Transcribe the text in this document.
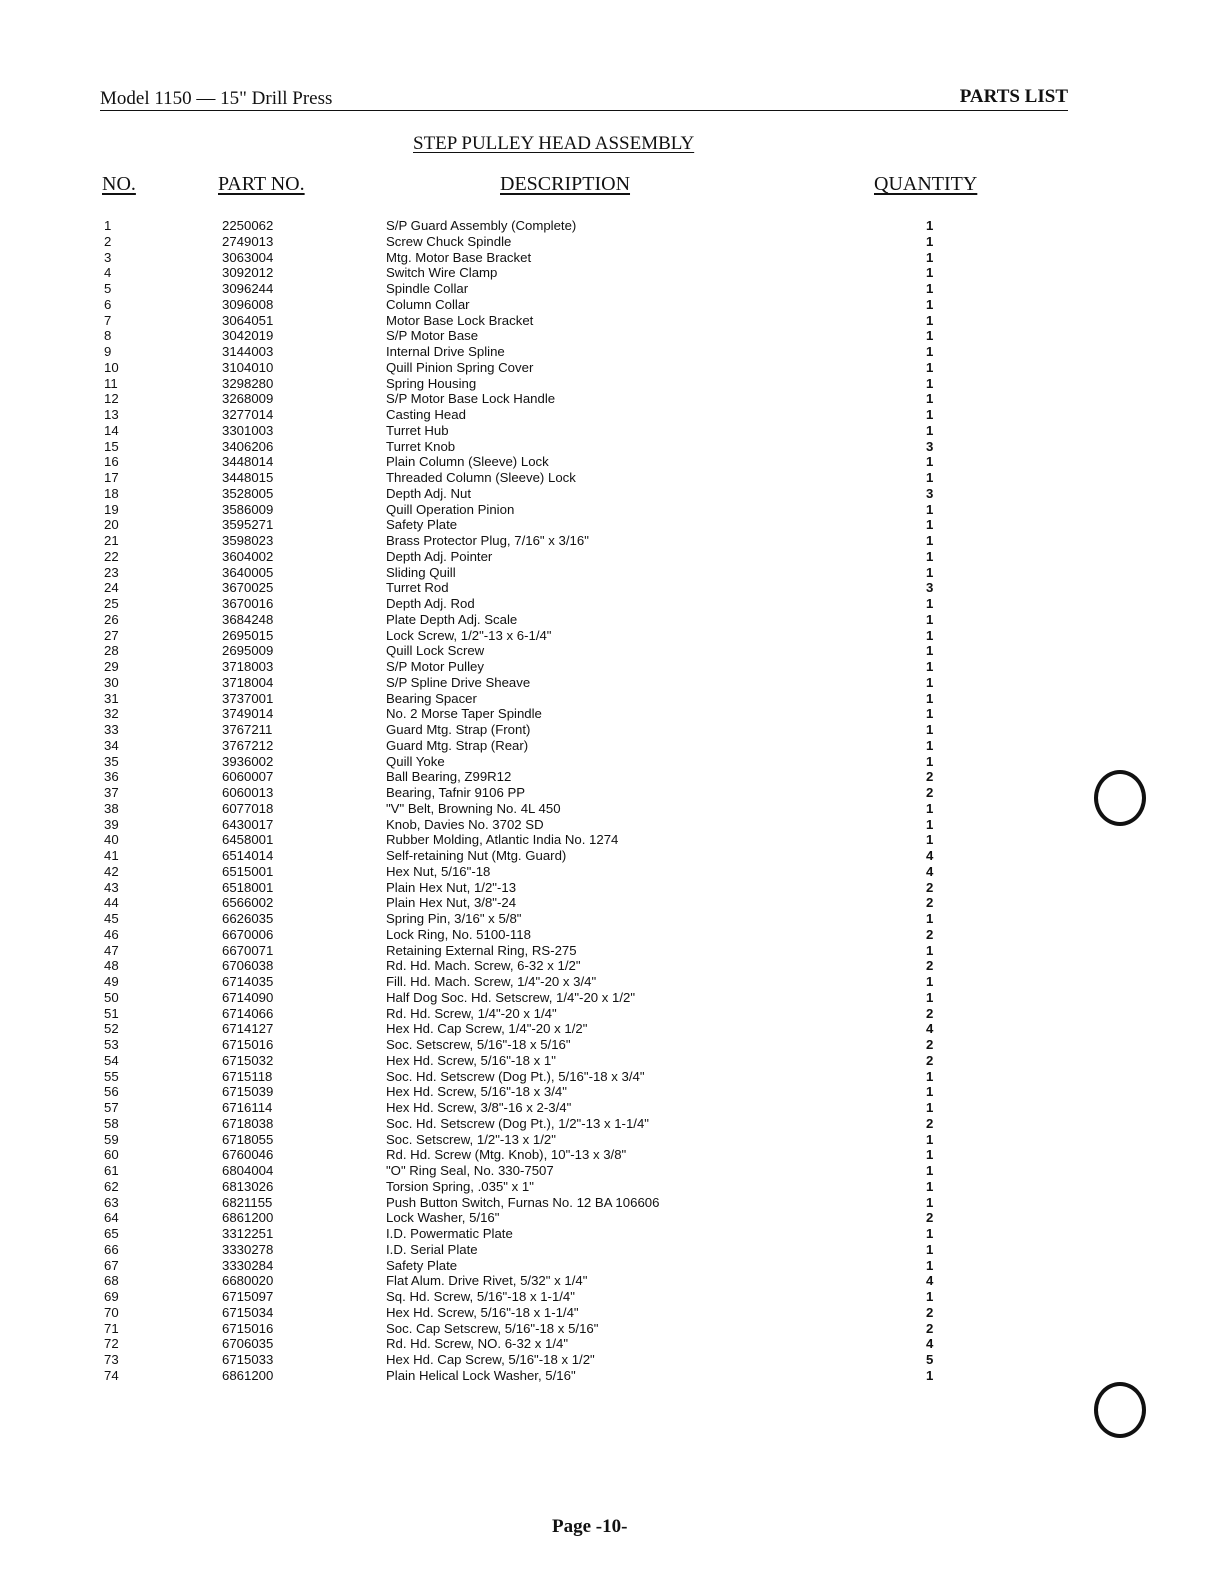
Model 1150 — 15" Drill Press	PARTS LIST
STEP PULLEY HEAD ASSEMBLY
NO.	PART NO.	DESCRIPTION	QUANTITY
1	2250062	S/P Guard Assembly (Complete)	1
2	2749013	Screw Chuck Spindle	1
3	3063004	Mtg. Motor Base Bracket	1
4	3092012	Switch Wire Clamp	1
5	3096244	Spindle Collar	1
6	3096008	Column Collar	1
7	3064051	Motor Base Lock Bracket	1
8	3042019	S/P Motor Base	1
9	3144003	Internal Drive Spline	1
10	3104010	Quill Pinion Spring Cover	1
11	3298280	Spring Housing	1
12	3268009	S/P Motor Base Lock Handle	1
13	3277014	Casting Head	1
14	3301003	Turret Hub	1
15	3406206	Turret Knob	3
16	3448014	Plain Column (Sleeve) Lock	1
17	3448015	Threaded Column (Sleeve) Lock	1
18	3528005	Depth Adj. Nut	3
19	3586009	Quill Operation Pinion	1
20	3595271	Safety Plate	1
21	3598023	Brass Protector Plug, 7/16" x 3/16"	1
22	3604002	Depth Adj. Pointer	1
23	3640005	Sliding Quill	1
24	3670025	Turret Rod	3
25	3670016	Depth Adj. Rod	1
26	3684248	Plate Depth Adj. Scale	1
27	2695015	Lock Screw, 1/2"-13 x 6-1/4"	1
28	2695009	Quill Lock Screw	1
29	3718003	S/P Motor Pulley	1
30	3718004	S/P Spline Drive Sheave	1
31	3737001	Bearing Spacer	1
32	3749014	No. 2 Morse Taper Spindle	1
33	3767211	Guard Mtg. Strap (Front)	1
34	3767212	Guard Mtg. Strap (Rear)	1
35	3936002	Quill Yoke	1
36	6060007	Ball Bearing, Z99R12	2
37	6060013	Bearing, Tafnir 9106 PP	2
38	6077018	"V" Belt, Browning No. 4L 450	1
39	6430017	Knob, Davies No. 3702 SD	1
40	6458001	Rubber Molding, Atlantic India No. 1274	1
41	6514014	Self-retaining Nut (Mtg. Guard)	4
42	6515001	Hex Nut, 5/16"-18	4
43	6518001	Plain Hex Nut, 1/2"-13	2
44	6566002	Plain Hex Nut, 3/8"-24	2
45	6626035	Spring Pin, 3/16" x 5/8"	1
46	6670006	Lock Ring, No. 5100-118	2
47	6670071	Retaining External Ring, RS-275	1
48	6706038	Rd. Hd. Mach. Screw, 6-32 x 1/2"	2
49	6714035	Fill. Hd. Mach. Screw, 1/4"-20 x 3/4"	1
50	6714090	Half Dog Soc. Hd. Setscrew, 1/4"-20 x 1/2"	1
51	6714066	Rd. Hd. Screw, 1/4"-20 x 1/4"	2
52	6714127	Hex Hd. Cap Screw, 1/4"-20 x 1/2"	4
53	6715016	Soc. Setscrew, 5/16"-18 x 5/16"	2
54	6715032	Hex Hd. Screw, 5/16"-18 x 1"	2
55	6715118	Soc. Hd. Setscrew (Dog Pt.), 5/16"-18 x 3/4"	1
56	6715039	Hex Hd. Screw, 5/16"-18 x 3/4"	1
57	6716114	Hex Hd. Screw, 3/8"-16 x 2-3/4"	1
58	6718038	Soc. Hd. Setscrew (Dog Pt.), 1/2"-13 x 1-1/4"	2
59	6718055	Soc. Setscrew, 1/2"-13 x 1/2"	1
60	6760046	Rd. Hd. Screw (Mtg. Knob), 10"-13 x 3/8"	1
61	6804004	"O" Ring Seal, No. 330-7507	1
62	6813026	Torsion Spring, .035" x 1"	1
63	6821155	Push Button Switch, Furnas No. 12 BA 106606	1
64	6861200	Lock Washer, 5/16"	2
65	3312251	I.D. Powermatic Plate	1
66	3330278	I.D. Serial Plate	1
67	3330284	Safety Plate	1
68	6680020	Flat Alum. Drive Rivet, 5/32" x 1/4"	4
69	6715097	Sq. Hd. Screw, 5/16"-18 x 1-1/4"	1
70	6715034	Hex Hd. Screw, 5/16"-18 x 1-1/4"	2
71	6715016	Soc. Cap Setscrew, 5/16"-18 x 5/16"	2
72	6706035	Rd. Hd. Screw, NO. 6-32 x 1/4"	4
73	6715033	Hex Hd. Cap Screw, 5/16"-18 x 1/2"	5
74	6861200	Plain Helical Lock Washer, 5/16"	1
Page -10-
